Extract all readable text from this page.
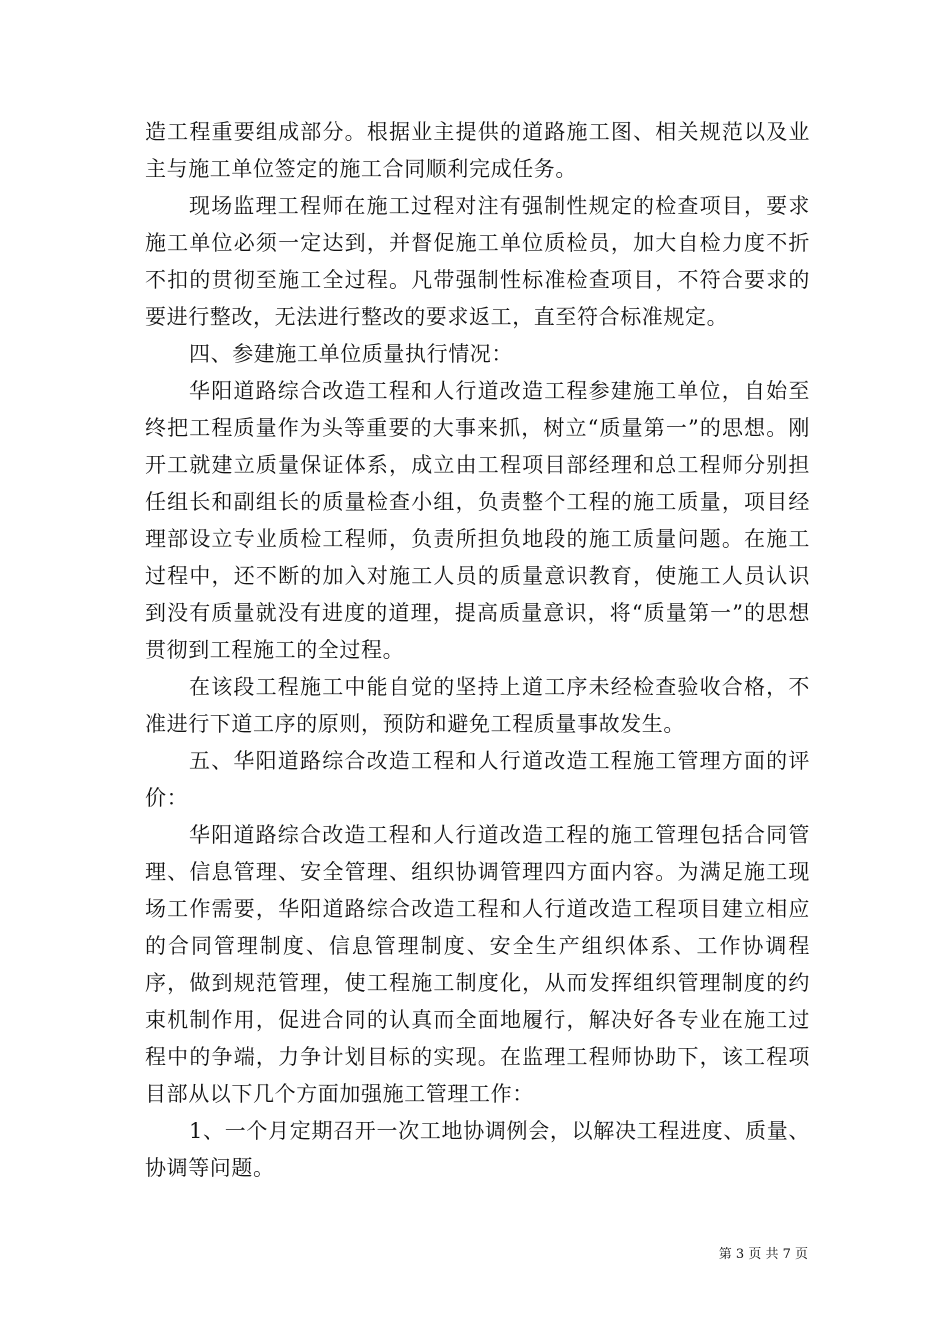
造工程重要组成部分。根据业主提供的道路施工图、相关规范以及业主与施工单位签定的施工合同顺利完成任务。

现场监理工程师在施工过程对注有强制性规定的检查项目，要求施工单位必须一定达到，并督促施工单位质检员，加大自检力度不折不扣的贯彻至施工全过程。凡带强制性标准检查项目，不符合要求的要进行整改，无法进行整改的要求返工，直至符合标准规定。

四、参建施工单位质量执行情况：

华阳道路综合改造工程和人行道改造工程参建施工单位，自始至终把工程质量作为头等重要的大事来抓，树立“质量第一”的思想。刚开工就建立质量保证体系，成立由工程项目部经理和总工程师分别担任组长和副组长的质量检查小组，负责整个工程的施工质量，项目经理部设立专业质检工程师，负责所担负地段的施工质量问题。在施工过程中，还不断的加入对施工人员的质量意识教育，使施工人员认识到没有质量就没有进度的道理，提高质量意识，将“质量第一”的思想贯彻到工程施工的全过程。

在该段工程施工中能自觉的坚持上道工序未经检查验收合格，不准进行下道工序的原则，预防和避免工程质量事故发生。

五、华阳道路综合改造工程和人行道改造工程施工管理方面的评价：

华阳道路综合改造工程和人行道改造工程的施工管理包括合同管理、信息管理、安全管理、组织协调管理四方面内容。为满足施工现场工作需要，华阳道路综合改造工程和人行道改造工程项目建立相应的合同管理制度、信息管理制度、安全生产组织体系、工作协调程序，做到规范管理，使工程施工制度化，从而发挥组织管理制度的约束机制作用，促进合同的认真而全面地履行，解决好各专业在施工过程中的争端，力争计划目标的实现。在监理工程师协助下，该工程项目部从以下几个方面加强施工管理工作：

1、一个月定期召开一次工地协调例会，以解决工程进度、质量、协调等问题。

第 3 页 共 7 页
